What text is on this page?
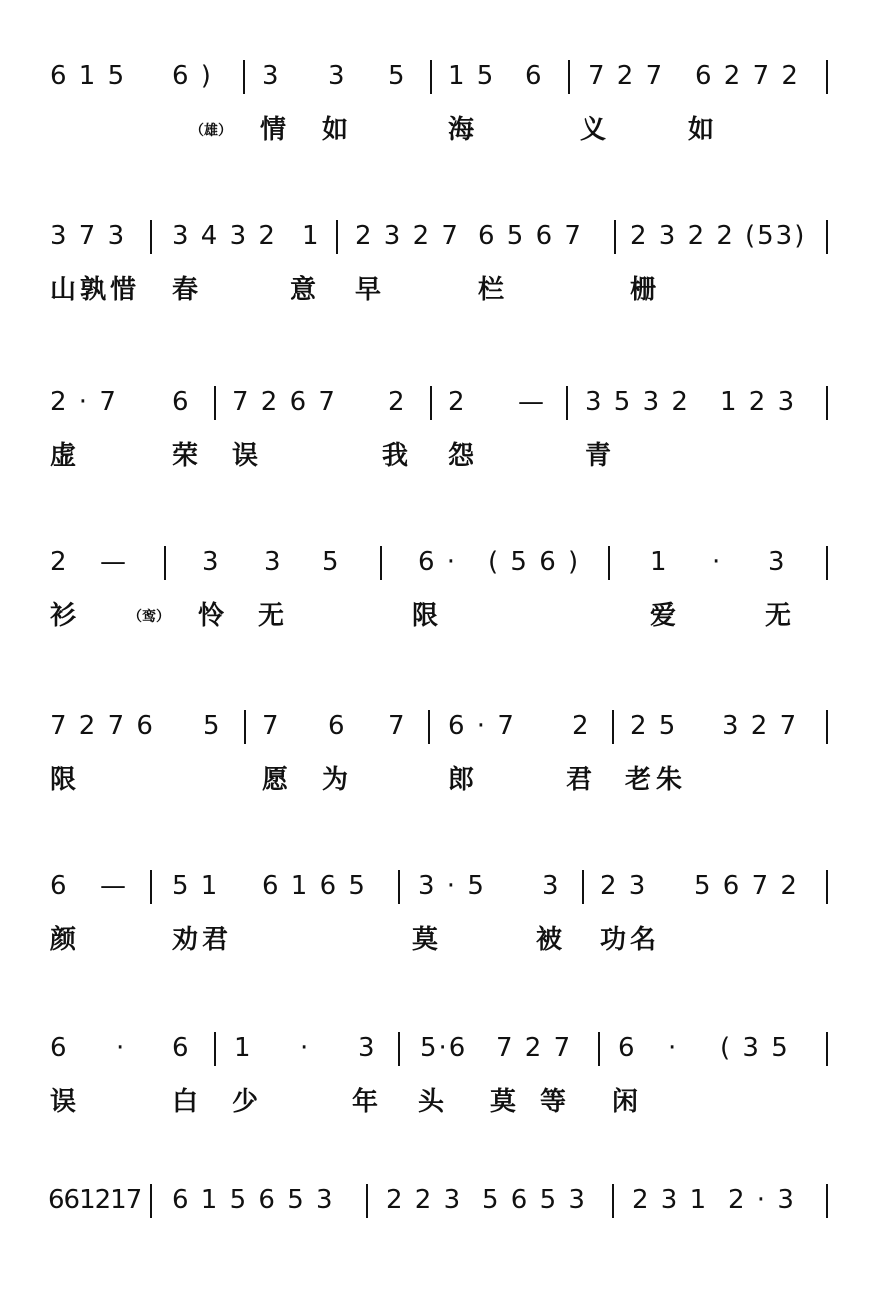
6 1 5 6 ) 3 3 5 1 5 6 7 2 7 6 2 7 2
（雄） 情 如	海	义	如
3 7 3 3 4 3 2 1 2 3 2 7 6 5 6 7 2 3 2 2 (53)
山 孰 惜 春	意 早	栏	栅
2 · 7 6 7 2 6 7 2 2 — 3 5 3 2 1 2 3
虚	荣 误	我 怨	青
2 —	3 3 5	6 · ( 5 6 )	1 · 3
衫	（鸾） 怜 无	限	爱	无
7 2 7 6 5 7 6 7 6 · 7 2 2 5 3 2 7
限	愿 为	郎	君 老 朱
6 — 5 1 6 1 6 5 3 · 5 3 2 3 5 6 7 2
颜	劝 君	莫	被 功 名
6 · 6 1 · 3 5·6 7 2 7 6 · ( 3 5
误	白 少	年 头 莫 等 闲
661217 6 1 5 6 5 3 2 2 3 5 6 5 3 2 3 1 2 · 3
